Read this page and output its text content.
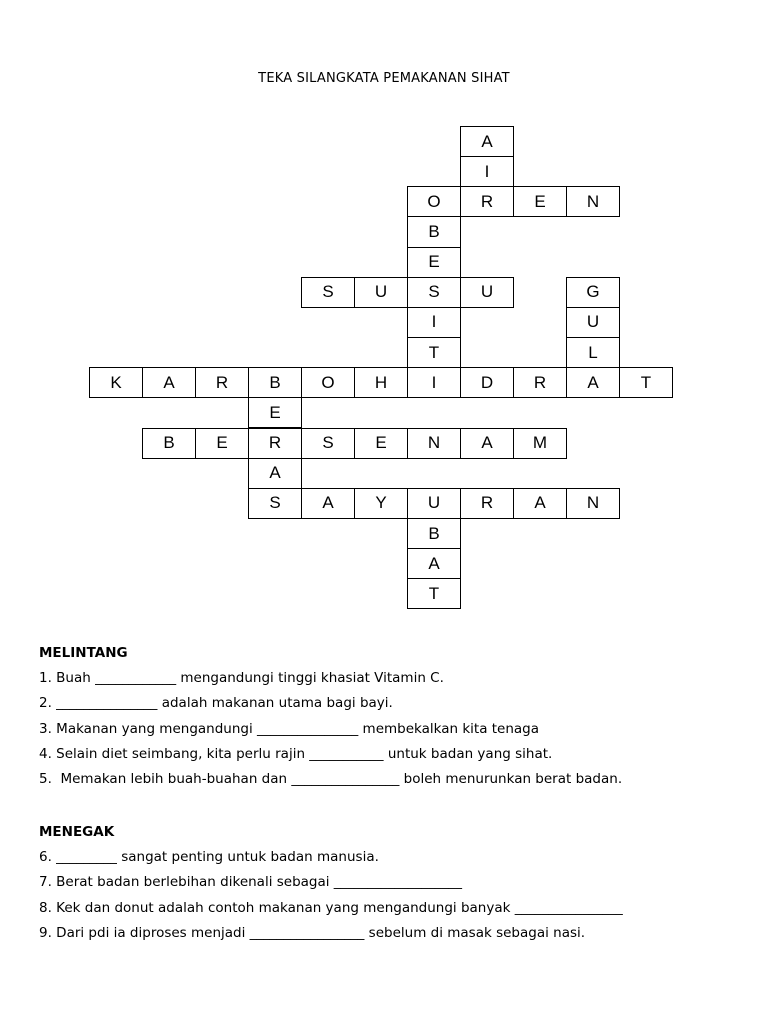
TEKA SILANGKATA PEMAKANAN SIHAT
A
I
O	R	E	N
B
E
S	U	S	U	G
I	U
T	L
K	A	R	B	O	H	I	D	R	A	T
E
B	E	R	S	E	N	A	M
A
S	A	Y	U	R	A	N
B
A
T
MELINTANG
1. Buah ____________ mengandungi tinggi khasiat Vitamin C.
2. _______________ adalah makanan utama bagi bayi.
3. Makanan yang mengandungi _______________ membekalkan kita tenaga
4. Selain diet seimbang, kita perlu rajin ___________ untuk badan yang sihat.
5.  Memakan lebih buah-buahan dan ________________ boleh menurunkan berat badan.
MENEGAK
6. _________ sangat penting untuk badan manusia.
7. Berat badan berlebihan dikenali sebagai ___________________
8. Kek dan donut adalah contoh makanan yang mengandungi banyak ________________
9. Dari pdi ia diproses menjadi _________________ sebelum di masak sebagai nasi.
